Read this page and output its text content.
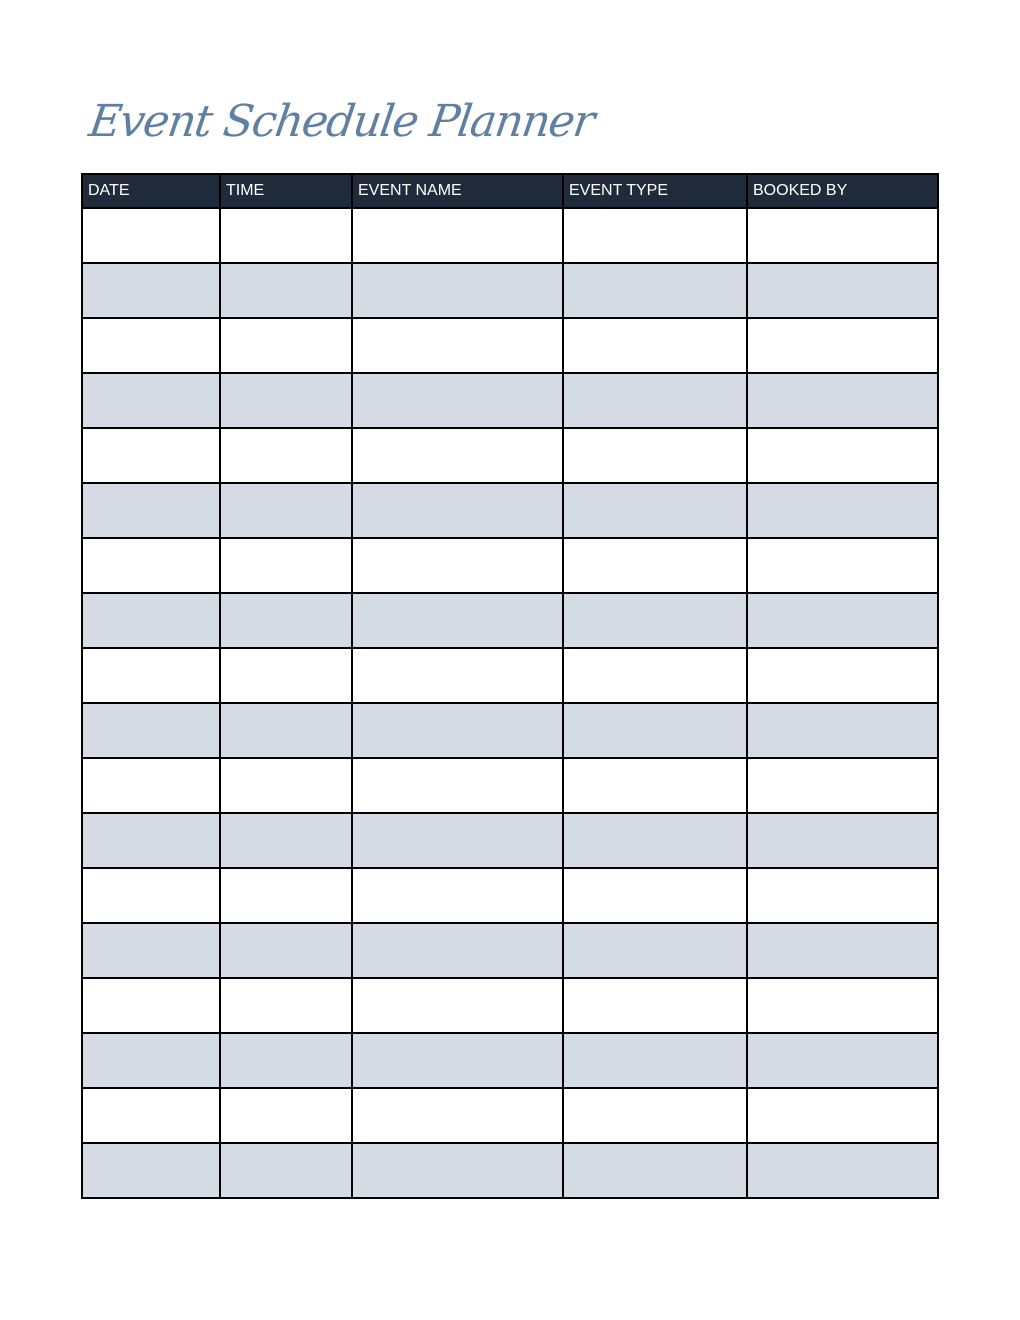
Event Schedule Planner
DATE	TIME	EVENT NAME	EVENT TYPE	BOOKED BY
